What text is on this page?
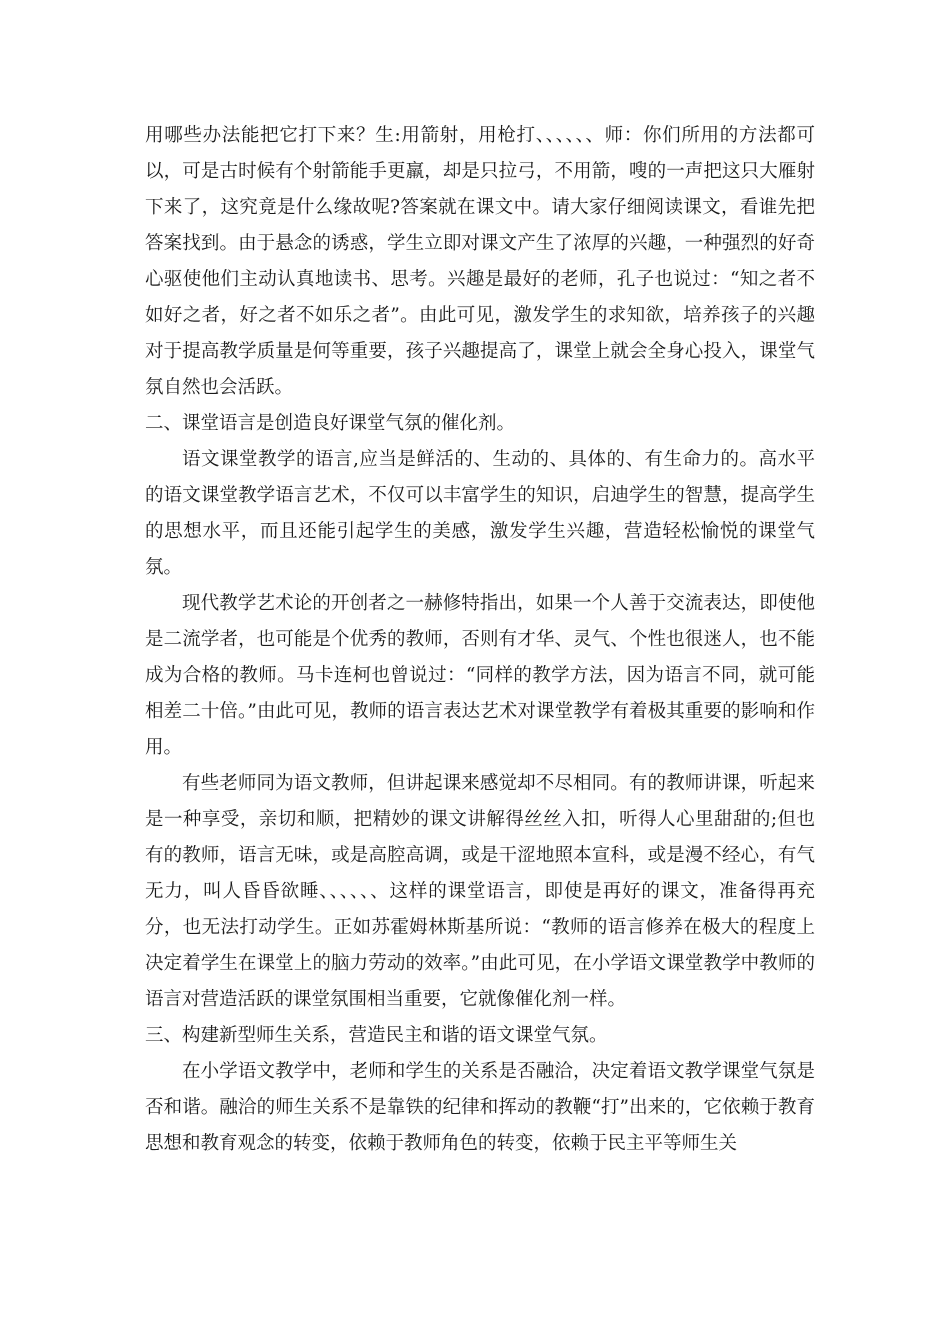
用哪些办法能把它打下来？生:用箭射，用枪打、、、、、、师：你们所用的方法都可以，可是古时候有个射箭能手更羸，却是只拉弓，不用箭，嗖的一声把这只大雁射下来了，这究竟是什么缘故呢?答案就在课文中。请大家仔细阅读课文，看谁先把答案找到。由于悬念的诱惑，学生立即对课文产生了浓厚的兴趣，一种强烈的好奇心驱使他们主动认真地读书、思考。兴趣是最好的老师，孔子也说过：“知之者不如好之者，好之者不如乐之者”。由此可见，激发学生的求知欲，培养孩子的兴趣对于提高教学质量是何等重要，孩子兴趣提高了，课堂上就会全身心投入，课堂气氛自然也会活跃。

二、课堂语言是创造良好课堂气氛的催化剂。

语文课堂教学的语言,应当是鲜活的、生动的、具体的、有生命力的。高水平的语文课堂教学语言艺术，不仅可以丰富学生的知识，启迪学生的智慧，提高学生的思想水平，而且还能引起学生的美感，激发学生兴趣，营造轻松愉悦的课堂气氛。

现代教学艺术论的开创者之一赫修特指出，如果一个人善于交流表达，即使他是二流学者，也可能是个优秀的教师，否则有才华、灵气、个性也很迷人，也不能成为合格的教师。马卡连柯也曾说过：“同样的教学方法，因为语言不同，就可能相差二十倍。”由此可见，教师的语言表达艺术对课堂教学有着极其重要的影响和作用。

有些老师同为语文教师，但讲起课来感觉却不尽相同。有的教师讲课，听起来是一种享受，亲切和顺，把精妙的课文讲解得丝丝入扣，听得人心里甜甜的;但也有的教师，语言无味，或是高腔高调，或是干涩地照本宣科，或是漫不经心，有气无力，叫人昏昏欲睡、、、、、、这样的课堂语言，即使是再好的课文，准备得再充分，也无法打动学生。正如苏霍姆林斯基所说：“教师的语言修养在极大的程度上决定着学生在课堂上的脑力劳动的效率。”由此可见，在小学语文课堂教学中教师的语言对营造活跃的课堂氛围相当重要，它就像催化剂一样。

三、构建新型师生关系，营造民主和谐的语文课堂气氛。

在小学语文教学中，老师和学生的关系是否融洽，决定着语文教学课堂气氛是否和谐。融洽的师生关系不是靠铁的纪律和挥动的教鞭“打”出来的，它依赖于教育思想和教育观念的转变，依赖于教师角色的转变，依赖于民主平等师生关
